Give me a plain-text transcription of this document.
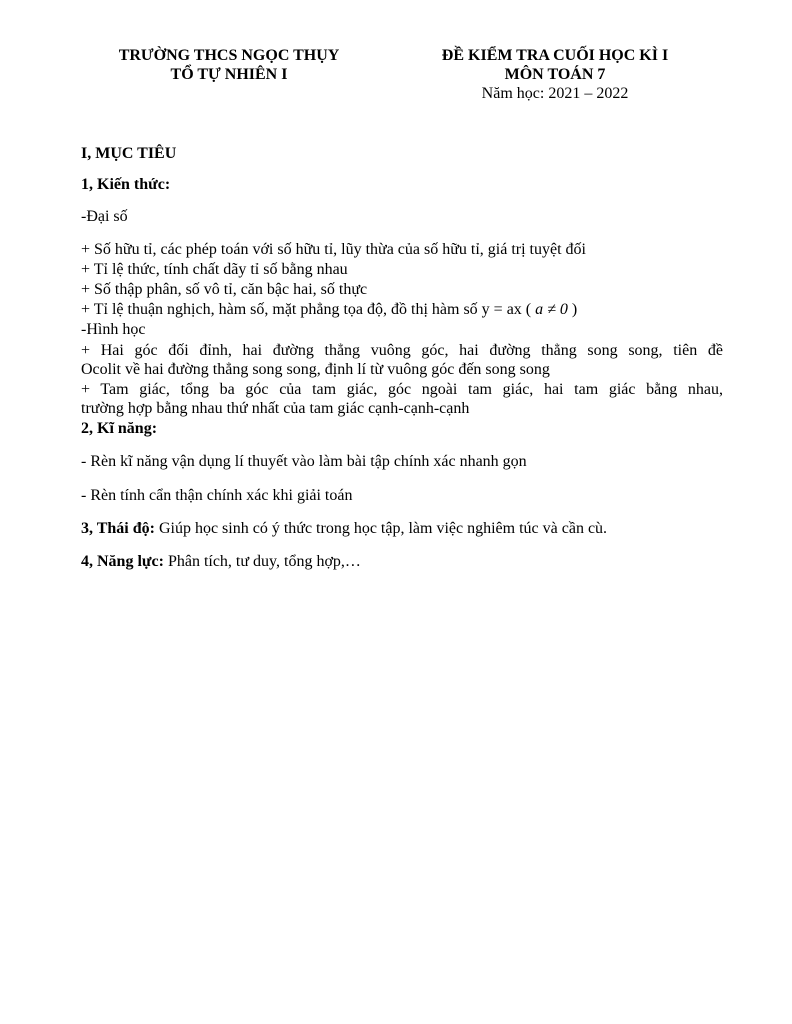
TRƯỜNG THCS NGỌC THỤY
TỔ TỰ NHIÊN I
ĐỀ KIỂM TRA CUỐI HỌC KÌ I
MÔN TOÁN 7
Năm học: 2021 – 2022
I, MỤC TIÊU
1, Kiến thức:
-Đại số
+ Số hữu tỉ, các phép toán với số hữu tỉ, lũy thừa của số hữu tỉ, giá trị tuyệt đối
+ Tỉ lệ thức, tính chất dãy tỉ số bằng nhau
+ Số thập phân, số vô tỉ, căn bậc hai, số thực
+ Tỉ lệ thuận nghịch, hàm số, mặt phẳng tọa độ, đồ thị hàm số y = ax ( a ≠ 0 )
-Hình học
+ Hai góc đối đỉnh, hai đường thẳng vuông góc, hai đường thẳng song song, tiên đề
Ocolit về hai đường thẳng song song, định lí từ vuông góc đến song song
+ Tam giác, tổng ba góc của tam giác, góc ngoài tam giác, hai tam giác bằng nhau,
trường hợp bằng nhau thứ nhất của tam giác cạnh-cạnh-cạnh
2, Kĩ năng:
- Rèn kĩ năng vận dụng lí thuyết vào làm bài tập chính xác nhanh gọn
- Rèn tính cẩn thận chính xác khi giải toán
3, Thái độ: Giúp học sinh có ý thức trong học tập, làm việc nghiêm túc và cần cù.
4, Năng lực: Phân tích, tư duy, tổng hợp,…
